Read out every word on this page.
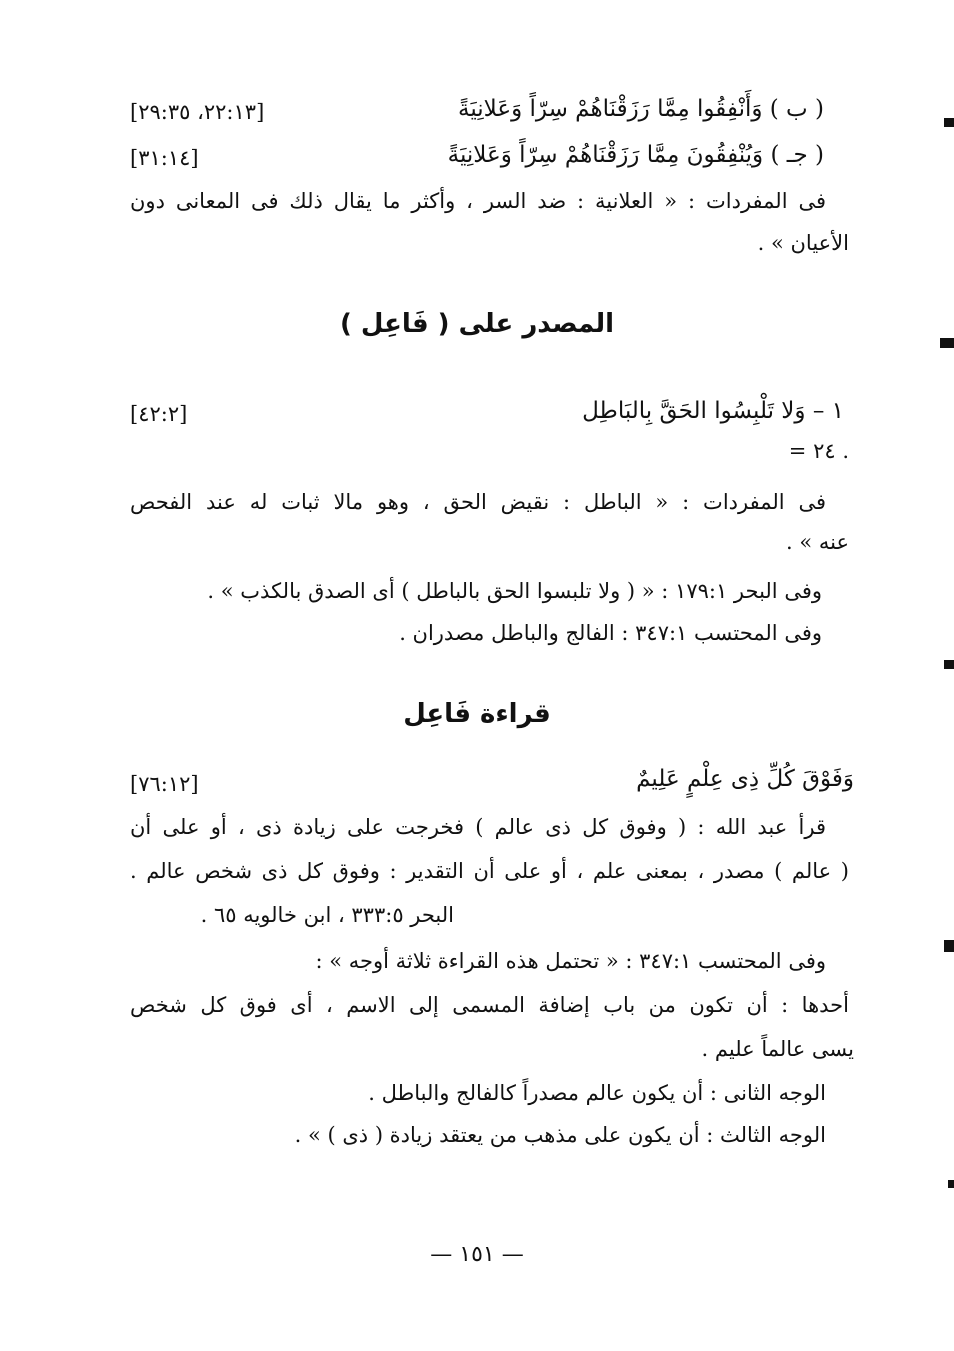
( ب ) وَأَنْفِقُوا مِمَّا رَزَقْنَاهُمْ سِرّاً وَعَلانِيَةً
[٢٢:١٣، ٢٩:٣٥]
( جـ ) وَيُنْفِقُونَ مِمَّا رَزَقْنَاهُمْ سِرّاً وَعَلانِيَةً
[٣١:١٤]
فى المفردات : « العلانية : ضد السر ، وأكثر ما يقال ذلك فى المعانى دون
الأعيان » .
المصدر على ( فَاعِل )
١ – وَلا تَلْبِسُوا الحَقَّ بِالبَاطِل
[٤٢:٢]
= ٢٤ .
فى المفردات : « الباطل : نقيض الحق ، وهو مالا ثبات له عند الفحص
عنه » .
وفى البحر ١٧٩:١ : « ( ولا تلبسوا الحق بالباطل ) أى الصدق بالكذب » .
وفى المحتسب ٣٤٧:١ : الفالج والباطل مصدران .
قراءة فَاعِل
وَفَوْقَ كُلِّ ذِى عِلْمٍ عَلِيمٌ
[٧٦:١٢]
قرأ عبد الله : ( وفوق كل ذى عالم ) فخرجت على زيادة ذى ، أو على أن
( عالم ) مصدر ، بمعنى علم ، أو على أن التقدير : وفوق كل ذى شخص عالم .
البحر ٣٣٣:٥ ، ابن خالويه ٦٥ .
وفى المحتسب ٣٤٧:١ : « تحتمل هذه القراءة ثلاثة أوجه » :
أحدها : أن تكون من باب إضافة المسمى إلى الاسم ، أى فوق كل شخص
يسى عالماً عليم .
الوجه الثانى : أن يكون عالم مصدراً كالفالج والباطل .
الوجه الثالث : أن يكون على مذهب من يعتقد زيادة ( ذى ) » .
— ١٥١ —
